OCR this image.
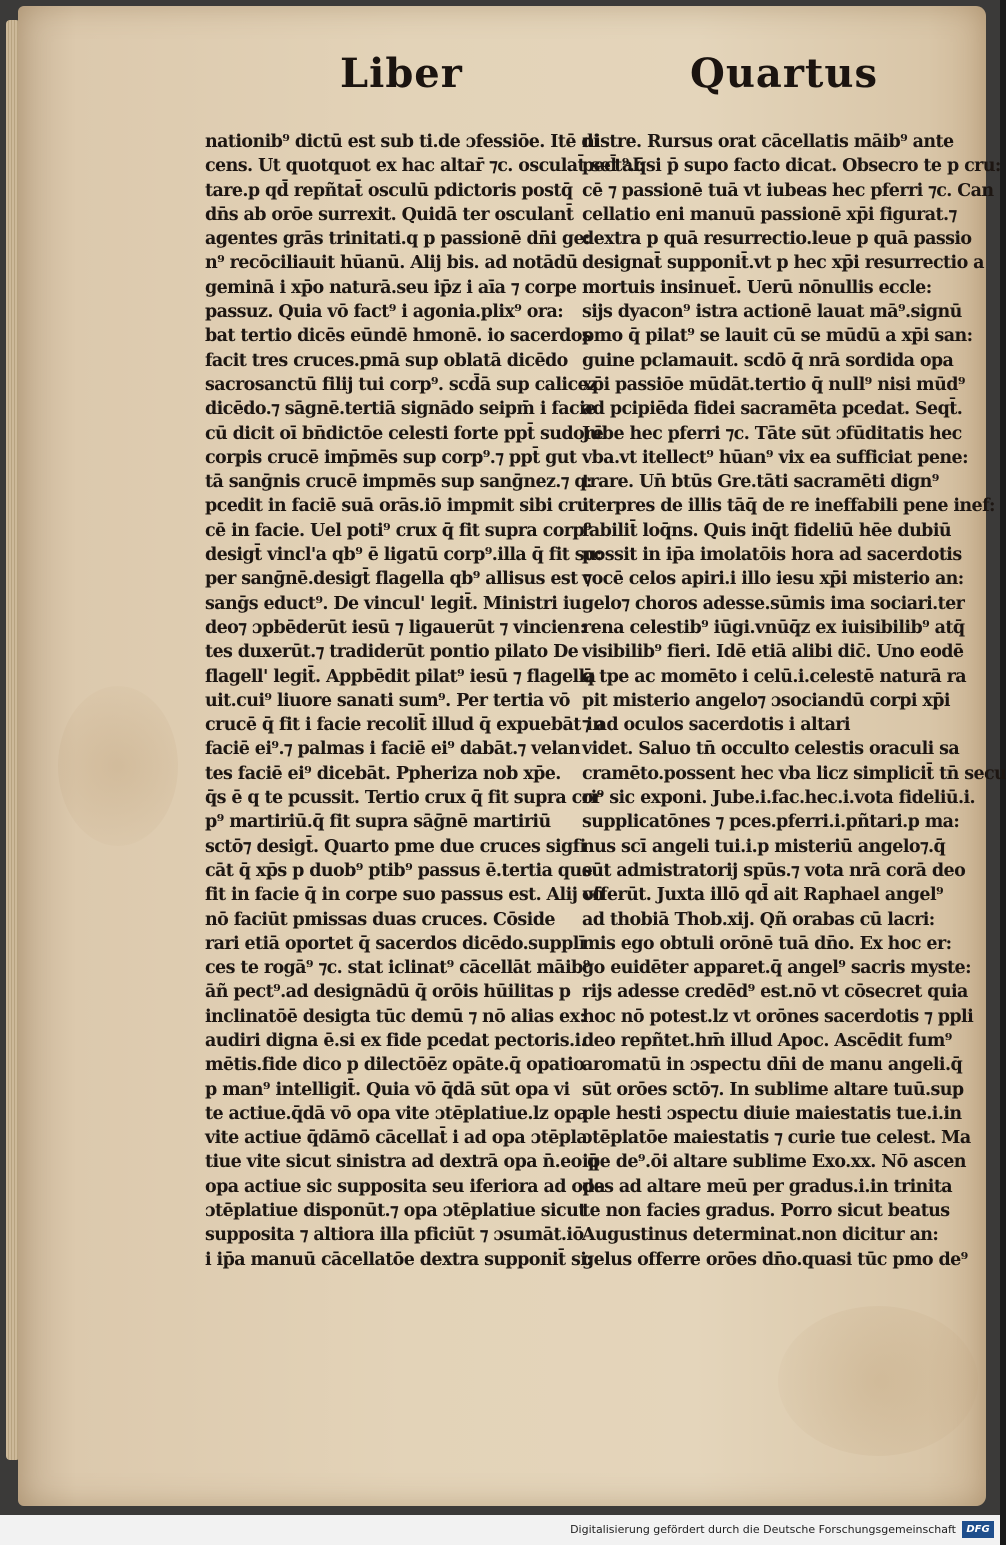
Liber	Quartus
nationib⁹ dictū est sub ti.de ɔfessiōe. Itē di
cens. Ut quotquot ex hac altar̄ ⁊c. osculat̄ sel̄ al:
tare.p qd̄ repñtat̄ osculū pdictoris postq̄
dn̄s ab orōe surrexit. Quidā ter osculant̄
agentes grās trinitati.q p passionē dn̄i ge:
n⁹ recōciliauit hūanū. Alij bis. ad notādū
geminā i xp̄o naturā.seu ip̄z i aīa ⁊ corpe
passuz. Quia vō fact⁹ i agonia.plix⁹ ora:
bat tertio dicēs eūndē hmonē. io sacerdos
facit tres cruces.pmā sup oblatā dicēdo
sacrosanctū filij tui corp⁹. scd̄ā sup calicez
dicēdo.⁊ sāgnē.tertiā signādo seipm̄ i facie
cū dicit oī bn̄dictōe celesti forte ppt̄ sudorē
corpis crucē imp̄mēs sup corp⁹.⁊ ppt̄ gut
tā sanḡnis crucē impmēs sup sanḡnez.⁊ q:
pcedit in faciē suā orās.iō impmit sibi cru:
cē in facie. Uel poti⁹ crux q̄ fit supra corp⁹
desigt̄ vincl'a qb⁹ ē ligatū corp⁹.illa q̄ fit su:
per sanḡnē.desigt̄ flagella qb⁹ allisus est ⁊
sanḡs educt⁹. De vincul' legit̄. Ministri iu:
deo⁊ ɔpbēderūt iesū ⁊ ligauerūt ⁊ vincien:
tes duxerūt.⁊ tradiderūt pontio pilato De
flagell' legit̄. Appbēdit pilat⁹ iesū ⁊ flagella
uit.cui⁹ liuore sanati sum⁹. Per tertia vō
crucē q̄ fit i facie recolit̄ illud q̄ expuebāt in
faciē ei⁹.⁊ palmas i faciē ei⁹ dabāt.⁊ velan
tes faciē ei⁹ dicebāt. Ppheriza nob xp̄e.
q̄s ē q te pcussit. Tertio crux q̄ fit supra cor
p⁹ martiriū.q̄ fit supra sāḡnē martiriū
sctō⁊ desigt̄. Quarto pme due cruces sigfi
cāt q̄ xp̄s p duob⁹ ptib⁹ passus ē.tertia que
fit in facie q̄ in corpe suo passus est. Alij vō
nō faciūt pmissas duas cruces. Cōside
rari etiā oportet q̄ sacerdos dicēdo.supplī
ces te rogā⁹ ⁊c. stat iclinat⁹ cācellāt māib⁹
āñ pect⁹.ad designādū q̄ orōis hūilitas p
inclinatōē desigta tūc demū ⁊ nō alias ex:
audiri digna ē.si ex fide pcedat pectoris.i.
mētis.fide dico p dilectōēz opāte.q̄ opatio
p man⁹ intelligit̄. Quia vō q̄dā sūt opa vi
te actiue.q̄dā vō opa vite ɔtēplatiue.lz opa
vite actiue q̄dāmō cācellat̄ i ad opa ɔtēpla
tiue vite sicut sinistra ad dextrā opa n̄.eo q̄
opa actiue sic supposita seu iferiora ad opa
ɔtēplatiue disponūt.⁊ opa ɔtēplatiue sicut
supposita ⁊ altiora illa pficiūt ⁊ ɔsumāt.iō
i ip̄a manuū cācellatōe dextra supponit̄ si:
nistre. Rursus orat cācellatis māib⁹ ante
pect⁹.q̄si p̄ supo facto dicat. Obsecro te p cru:
cē ⁊ passionē tuā vt iubeas hec pferri ⁊c. Can
cellatio eni manuū passionē xp̄i figurat.⁊
dextra p quā resurrectio.leue p quā passio
designat̄ supponit̄.vt p hec xp̄i resurrectio a
mortuis insinuet̄. Uerū nōnullis eccle:
sijs dyacon⁹ istra actionē lauat mā⁹.signū
pmo q̄ pilat⁹ se lauit cū se mūdū a xp̄i san:
guine pclamauit. scdō q̄ nrā sordida opa
xp̄i passiōe mūdāt.tertio q̄ null⁹ nisi mūd⁹
ad pcipiēda fidei sacramēta pcedat. Seqt̄.
Jube hec pferri ⁊c. Tāte sūt ɔfūditatis hec
vba.vt itellect⁹ hūan⁹ vix ea sufficiat pene:
trare. Un̄ btūs Gre.tāti sacramēti dign⁹
iterpres de illis tāq̄ de re ineffabili pene inef:
fabilit̄ loq̄ns. Quis inq̄t fideliū hēe dubiū
possit in ip̄a imolatōis hora ad sacerdotis
vocē celos apiri.i illo iesu xp̄i misterio an:
gelo⁊ choros adesse.sūmis ima sociari.ter
rena celestib⁹ iūgi.vnūq̄z ex iuisibilib⁹ atq̄
visibilib⁹ fieri. Idē etiā alibi dic̄. Uno eodē
q̄ tpe ac momēto i celū.i.celestē naturā ra
pit misterio angelo⁊ ɔsociandū corpi xp̄i
⁊ ad oculos sacerdotis i altari
videt. Saluo tn̄ occulto celestis oraculi sa
cramēto.possent hec vba licz simplicit̄ tn̄ secu
ri⁹ sic exponi. Jube.i.fac.hec.i.vota fideliū.i.
supplicatōnes ⁊ pces.pferri.i.pñtari.p ma:
nus scī angeli tui.i.p misteriū angelo⁊.q̄
sūt admistratorij spūs.⁊ vota nrā corā deo
offerūt. Juxta illō qd̄ ait Raphael angel⁹
ad thobiā Thob.xij. Qñ orabas cū lacri:
mis ego obtuli orōnē tuā dn̄o. Ex hoc er:
go euidēter apparet.q̄ angel⁹ sacris myste:
rijs adesse credēd⁹ est.nō vt cōsecret quia
hoc nō potest.lz vt orōnes sacerdotis ⁊ ppli
deo repñtet.hm̄ illud Apoc. Ascēdit fum⁹
aromatū in ɔspectu dn̄i de manu angeli.q̄
sūt orōes sctō⁊. In sublime altare tuū.sup
ple hesti ɔspectu diuie maiestatis tue.i.in
ɔtēplatōe maiestatis ⁊ curie tue celest. Ma
ipe de⁹.ōi altare sublime Exo.xx. Nō ascen
des ad altare meū per gradus.i.in trinita
te non facies gradus. Porro sicut beatus
Augustinus determinat.non dicitur an:
gelus offerre orōes dn̄o.quasi tūc pmo de⁹
Digitalisierung gefördert durch die Deutsche Forschungsgemeinschaft	DFG
